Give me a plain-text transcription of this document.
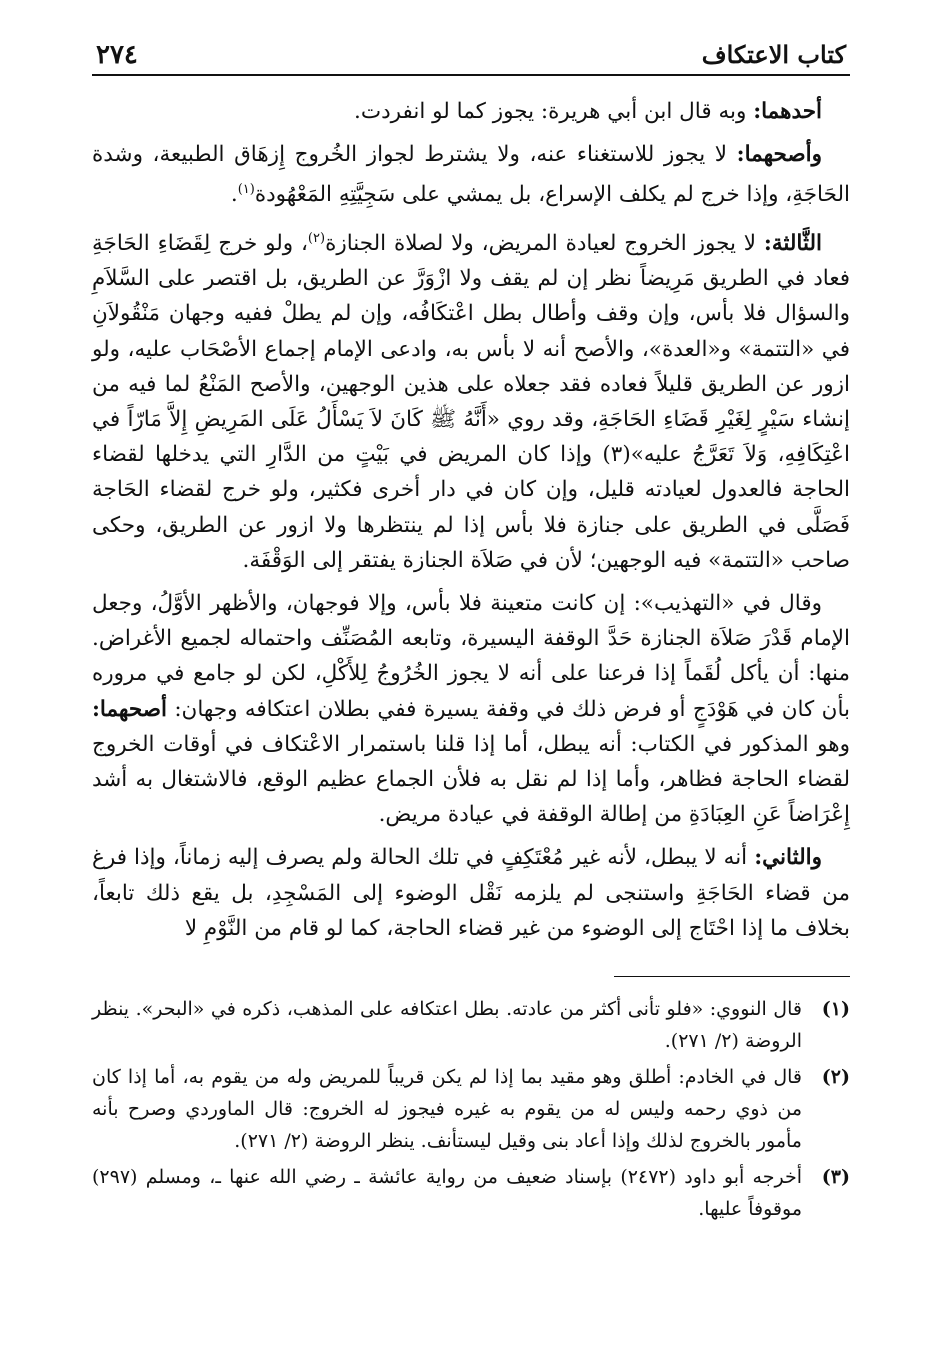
كتاب الاعتكاف
٢٧٤

أحدهما: وبه قال ابن أبي هريرة: يجوز كما لو انفردت.

وأصحهما: لا يجوز للاستغناء عنه، ولا يشترط لجواز الخُروج إِزهَاق الطبيعة، وشدة الحَاجَةِ، وإذا خرج لم يكلف الإسراع، بل يمشي على سَجِيَّتِهِ المَعْهُودة$^{(١)}$.

الثَّالثة: لا يجوز الخروج لعيادة المريض، ولا لصلاة الجنازة$^{(٢)}$، ولو خرج لِقَضَاءِ الحَاجَةِ فعاد في الطريق مَرِيضاً نظر إن لم يقف ولا ازْوَرَّ عن الطريق، بل اقتصر على السَّلاَمِ والسؤال فلا بأس، وإن وقف وأطال بطل اعْتكَافُه، وإن لم يطلْ ففيه وجهان مَنْقُولاَنِ في «التتمة» و«العدة»، والأصح أنه لا بأس به، وادعى الإمام إجماع الأصْحَاب عليه، ولو ازور عن الطريق قليلاً فعاده فقد جعلاه على هذين الوجهين، والأصح المَنْعُ لما فيه من إنشاء سَيْرٍ لِغَيْرِ قَضَاءِ الحَاجَةِ، وقد روي «أَنَّهُ ﷺ كَانَ لاَ يَسْأَلُ عَلَى المَرِيضِ إِلاَّ مَارّاً في اعْتِكَافِهِ، وَلاَ تَعَرَّجُ عليه»(٣) وإذا كان المريض في بَيْتٍ من الدَّارِ التي يدخلها لقضاء الحاجة فالعدول لعيادته قليل، وإن كان في دار أخرى فكثير، ولو خرج لقضاء الحَاجة فَصَلَّى في الطريق على جنازة فلا بأس إذا لم ينتظرها ولا ازور عن الطريق، وحكى صاحب «التتمة» فيه الوجهين؛ لأن في صَلاَة الجنازة يفتقر إلى الوَقْفَة.

وقال في «التهذيب»: إن كانت متعينة فلا بأس، وإلا فوجهان، والأظهر الأوَّلُ، وجعل الإمام قَدْرَ صَلاَة الجنازة حَدَّ الوقفة اليسيرة، وتابعه المُصَنِّف واحتماله لجميع الأغراض. منها: أن يأكل لُقَماً إذا فرعنا على أنه لا يجوز الخُرُوجُ لِلأَكْلِ، لكن لو جامع في مروره بأن كان في هَوْدَجٍ أو فرض ذلك في وقفة يسيرة ففي بطلان اعتكافه وجهان: أصحهما: وهو المذكور في الكتاب: أنه يبطل، أما إذا قلنا باستمرار الاعْتكاف في أوقات الخروج لقضاء الحاجة فظاهر، وأما إذا لم نقل به فلأن الجماع عظيم الوقع، فالاشتغال به أشد إِعْرَاضاً عَنِ العِبَادَةِ من إطالة الوقفة في عيادة مريض.

والثاني: أنه لا يبطل، لأنه غير مُعْتَكِفٍ في تلك الحالة ولم يصرف إليه زماناً، وإذا فرغ من قضاء الحَاجَةِ واستنجى لم يلزمه نَقْل الوضوء إلى المَسْجِدِ، بل يقع ذلك تابعاً، بخلاف ما إذا احْتَاج إلى الوضوء من غير قضاء الحاجة، كما لو قام من النَّوْمِ لا

(١)
قال النووي: «فلو تأنى أكثر من عادته. بطل اعتكافه على المذهب، ذكره في «البحر». ينظر الروضة (٢/ ٢٧١).
(٢)
قال في الخادم: أطلق وهو مقيد بما إذا لم يكن قريباً للمريض وله من يقوم به، أما إذا كان من ذوي رحمه وليس له من يقوم به غيره فيجوز له الخروج: قال الماوردي وصرح بأنه مأمور بالخروج لذلك وإذا أعاد بنى وقيل ليستأنف. ينظر الروضة (٢/ ٢٧١).
(٣)
أخرجه أبو داود (٢٤٧٢) بإسناد ضعيف من رواية عائشة ـ رضي الله عنها ـ، ومسلم (٢٩٧) موقوفاً عليها.
